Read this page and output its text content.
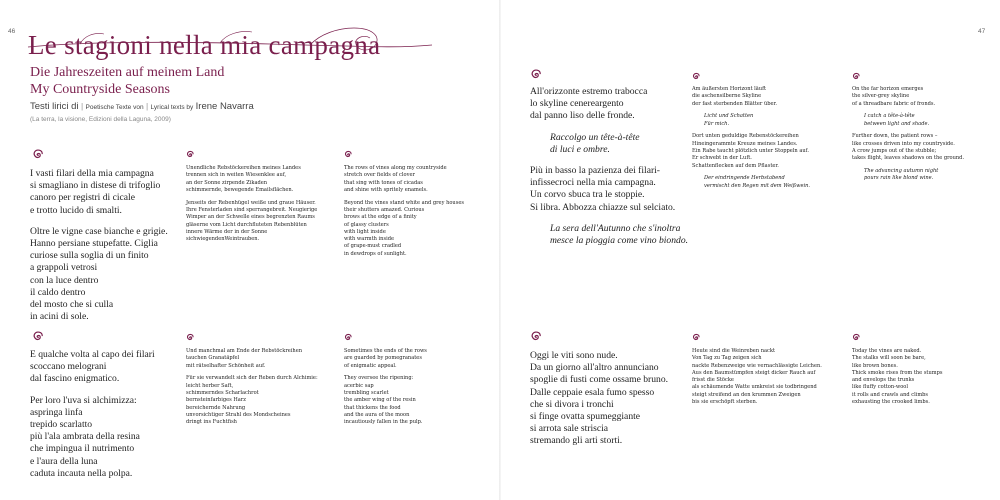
46	47
Le stagioni nella mia campagna
Die Jahreszeiten auf meinem Land
My Countryside Seasons
Testi lirici di | Poetische Texte von | Lyrical texts by Irene Navarra
(La terra, la visione, Edizioni della Laguna, 2009)

I vasti filari della mia campagna
si smagliano in distese di trifoglio
canoro per registri di cicale
e trotto lucido di smalti.

Oltre le vigne case bianche e grigie.
Hanno persiane stupefatte. Ciglia
curiose sulla soglia di un finito
a grappoli vetrosi
con la luce dentro
il caldo dentro
del mosto che si culla
in acini di sole.

Unendliche Rebstöckereihen meines Landes
trennen sich in weiten Wiesenklee auf,
an der Sonne zirpende Zikaden
schimmernde, bewegende Emailsflächen.

Jenseits der Rebenhügel weiße und graue Häuser.
Ihre Fensterladen sind sperrangebreit. Neugierige
Wimper an der Schwelle eines begrenzten Raums
gläserne vom Licht durchfluteten Rebenblüten
innere Wärme der in der Sonne
sichwiegendenWeintrauben.

The rows of vines along my countryside
stretch over fields of clover
that sing with tones of cicadas
and shine with spritely enamels.

Beyond the vines stand white and grey houses
their shutters amazed. Curious
brows at the edge of a finity
of glassy clusters
with light inside
with warmth inside
of grape-must cradled
in dewdrops of sunlight.

E qualche volta al capo dei filari
scoccano melograni
dal fascino enigmatico.

Per loro l'uva si alchimizza:
aspringa linfa
trepido scarlatto
più l'ala ambrata della resina
che impingua il nutrimento
e l'aura della luna
caduta incauta nella polpa.

Und manchmal am Ende der Rebstöckreihen
tauchen Granatäpfel
mit rätselhafter Schönheit auf.

Für sie verwandelt sich der Reben durch Alchimie:
leicht herber Saft,
schimmerndes Scharlachrot
bernsteinfarbiges Harz
bereichernde Nahrung
unvorsichtiger Strahl des Mondscheines
dringt ins Fuchtfish

Sometimes the ends of the rows
are guarded by pomegranates
of enigmatic appeal.

They oversee the ripening:
acerbic sap
trembling scarlet
the amber wing of the resin
that thickens the food
and the aura of the moon
incautiously fallen in the pulp.

All'orizzonte estremo trabocca
lo skyline cenereargento
dal panno liso delle fronde.

Raccolgo un tête-à-tête
di luci e ombre.

Più in basso la pazienza dei filari-
infissecroci nella mia campagna.
Un corvo sbuca tra le stoppie.
Si libra. Abbozza chiazze sul selciato.

La sera dell'Autunno che s'inoltra
mesce la pioggia come vino biondo.

Am äußersten Horizont läuft
die aschensilberne Skyline
der fast sterbenden Blätter über.

Licht und Schatten
Für mich.

Dort unten geduldige Rebenstöckereihen
Hineingerammte Kreuze meines Landes.
Ein Rabe taucht plötzlich unter Stoppeln auf.
Er schwebt in der Luft.
Schattenflecken auf dem Pflaster.

Der eindringende Herbstabend
vermischt den Regen mit dem Weißwein.

On the far horizon emerges
the silver-grey skyline
of a threadbare fabric of fronds.

I catch a tête-à-tête
between light and shade.

Further down, the patient rows –
like crosses driven into my countryside.
A crow jumps out of the stubble;
takes flight, leaves shadows on the ground.

The advancing autumn night
pours rain like blond wine.

Oggi le viti sono nude.
Da un giorno all'altro annunciano
spoglie di fusti come ossame bruno.
Dalle ceppaie esala fumo spesso
che si divora i tronchi
si finge ovatta spumeggiante
si arrota sale striscia
stremando gli arti storti.

Heute sind die Weinreben nackt
Von Tag zu Tag zeigen sich
nackte Rebenzweige wie vernachlässigte Leichen.
Aus den Baumstümpfen steigt dicker Rauch auf
frisst die Stöcke
als schäumende Watte umkreist sie todbringend
steigt streifend an den krummen Zweigen
bis sie erschöpft sterben.

Today the vines are naked.
The stalks will soon be bare,
like brown bones.
Thick smoke rises from the stumps
and envelops the trunks
like fluffy cotton-wool
it rolls and crawls and climbs
exhausting the crooked limbs.
